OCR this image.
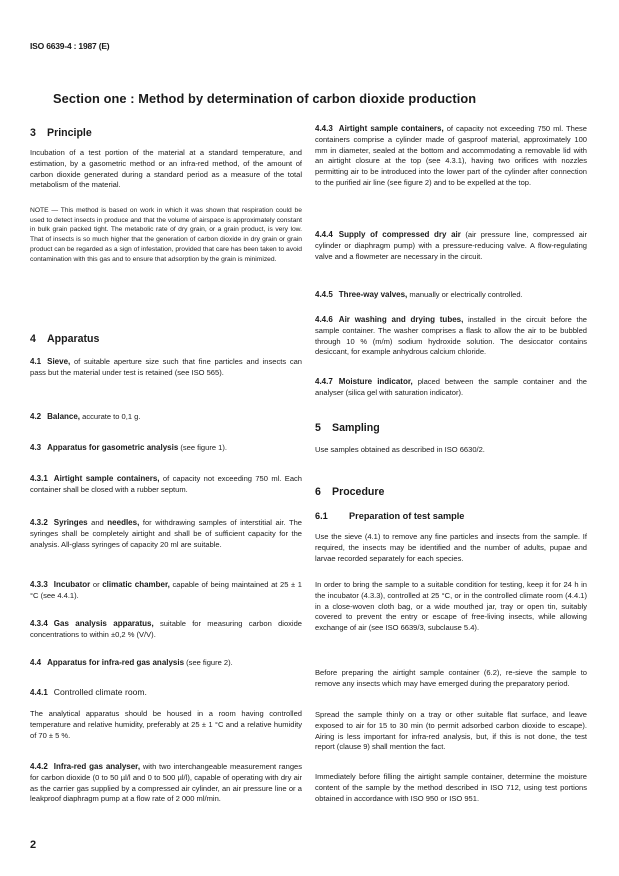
ISO 6639-4 : 1987 (E)
Section one : Method by determination of carbon dioxide production
3 Principle
Incubation of a test portion of the material at a standard temperature, and estimation, by a gasometric method or an infra-red method, of the amount of carbon dioxide generated during a standard period as a measure of the total metabolism of the material.
NOTE — This method is based on work in which it was shown that respiration could be used to detect insects in produce and that the volume of airspace is approximately constant in bulk grain packed tight. The metabolic rate of dry grain, or a grain product, is very low. That of insects is so much higher that the generation of carbon dioxide in dry grain or grain product can be regarded as a sign of infestation, provided that care has been taken to avoid contamination with this gas and to ensure that adsorption by the grain is minimized.
4 Apparatus
4.1 Sieve, of suitable aperture size such that fine particles and insects can pass but the material under test is retained (see ISO 565).
4.2 Balance, accurate to 0,1 g.
4.3 Apparatus for gasometric analysis (see figure 1).
4.3.1 Airtight sample containers, of capacity not exceeding 750 ml. Each container shall be closed with a rubber septum.
4.3.2 Syringes and needles, for withdrawing samples of interstitial air. The syringes shall be completely airtight and shall be of sufficient capacity for the analysis. All-glass syringes of capacity 20 ml are suitable.
4.3.3 Incubator or climatic chamber, capable of being maintained at 25 ± 1 °C (see 4.4.1).
4.3.4 Gas analysis apparatus, suitable for measuring carbon dioxide concentrations to within ±0,2 % (V/V).
4.4 Apparatus for infra-red gas analysis (see figure 2).
4.4.1 Controlled climate room.
The analytical apparatus should be housed in a room having controlled temperature and relative humidity, preferably at 25 ± 1 °C and a relative humidity of 70 ± 5 %.
4.4.2 Infra-red gas analyser, with two interchangeable measurement ranges for carbon dioxide (0 to 50 µl/l and 0 to 500 µl/l), capable of operating with dry air as the carrier gas supplied by a compressed air cylinder, an air pressure line or a leakproof diaphragm pump at a flow rate of 2 000 ml/min.
2
4.4.3 Airtight sample containers, of capacity not exceeding 750 ml. These containers comprise a cylinder made of gasproof material, approximately 100 mm in diameter, sealed at the bottom and accommodating a removable lid with an airtight closure at the top (see 4.3.1), having two orifices with nozzles permitting air to be introduced into the lower part of the cylinder after connection to the purified air line (see figure 2) and to be expelled at the top.
4.4.4 Supply of compressed dry air (air pressure line, compressed air cylinder or diaphragm pump) with a pressure-reducing valve. A flow-regulating valve and a flowmeter are necessary in the circuit.
4.4.5 Three-way valves, manually or electrically controlled.
4.4.6 Air washing and drying tubes, installed in the circuit before the sample container. The washer comprises a flask to allow the air to be bubbled through 10 % (m/m) sodium hydroxide solution. The desiccator contains desiccant, for example anhydrous calcium chloride.
4.4.7 Moisture indicator, placed between the sample container and the analyser (silica gel with saturation indicator).
5 Sampling
Use samples obtained as described in ISO 6630/2.
6 Procedure
6.1 Preparation of test sample
Use the sieve (4.1) to remove any fine particles and insects from the sample. If required, the insects may be identified and the number of adults, pupae and larvae recorded separately for each species.
In order to bring the sample to a suitable condition for testing, keep it for 24 h in the incubator (4.3.3), controlled at 25 °C, or in the controlled climate room (4.4.1) in a close-woven cloth bag, or a wide mouthed jar, tray or open tin, suitably covered to prevent the entry or escape of free-living insects, while allowing exchange of air (see ISO 6639/3, subclause 5.4).
Before preparing the airtight sample container (6.2), re-sieve the sample to remove any insects which may have emerged during the preparatory period.
Spread the sample thinly on a tray or other suitable flat surface, and leave exposed to air for 15 to 30 min (to permit adsorbed carbon dioxide to escape). Airing is less important for infra-red analysis, but, if this is not done, the test report (clause 9) shall mention the fact.
Immediately before filling the airtight sample container, determine the moisture content of the sample by the method described in ISO 712, using test portions obtained in accordance with ISO 950 or ISO 951.
